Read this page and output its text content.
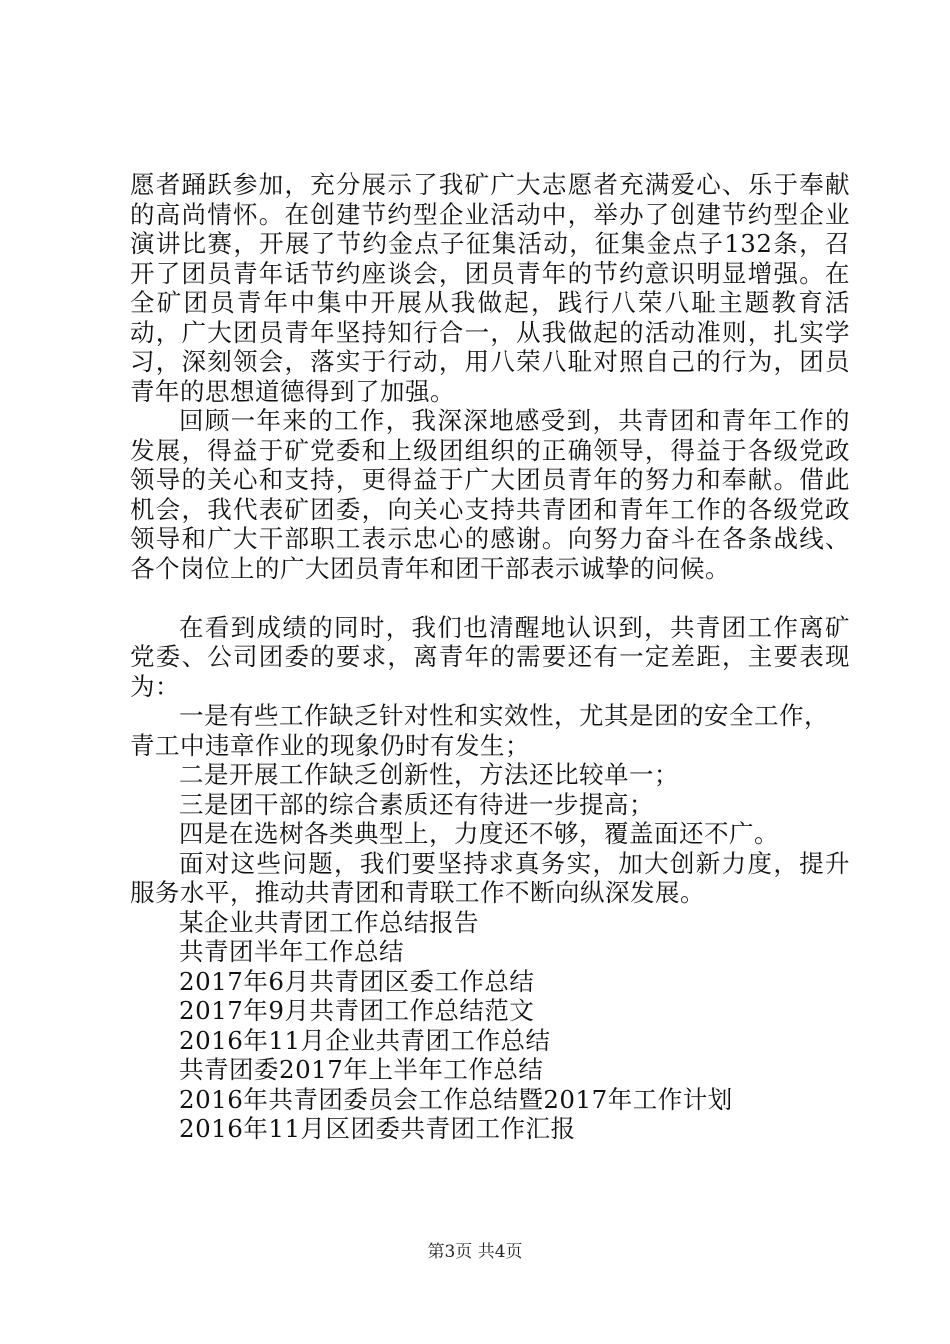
愿者踊跃参加，充分展示了我矿广大志愿者充满爱心、乐于奉献的高尚情怀。在创建节约型企业活动中，举办了创建节约型企业演讲比赛，开展了节约金点子征集活动，征集金点子132条，召开了团员青年话节约座谈会，团员青年的节约意识明显增强。在全矿团员青年中集中开展从我做起，践行八荣八耻主题教育活动，广大团员青年坚持知行合一，从我做起的活动准则，扎实学习，深刻领会，落实于行动，用八荣八耻对照自己的行为，团员青年的思想道德得到了加强。

回顾一年来的工作，我深深地感受到，共青团和青年工作的发展，得益于矿党委和上级团组织的正确领导，得益于各级党政领导的关心和支持，更得益于广大团员青年的努力和奉献。借此机会，我代表矿团委，向关心支持共青团和青年工作的各级党政领导和广大干部职工表示忠心的感谢。向努力奋斗在各条战线、各个岗位上的广大团员青年和团干部表示诚挚的问候。

在看到成绩的同时，我们也清醒地认识到，共青团工作离矿党委、公司团委的要求，离青年的需要还有一定差距，主要表现为：

一是有些工作缺乏针对性和实效性，尤其是团的安全工作，青工中违章作业的现象仍时有发生；

二是开展工作缺乏创新性，方法还比较单一；

三是团干部的综合素质还有待进一步提高；

四是在选树各类典型上，力度还不够，覆盖面还不广。

面对这些问题，我们要坚持求真务实，加大创新力度，提升服务水平，推动共青团和青联工作不断向纵深发展。

某企业共青团工作总结报告

共青团半年工作总结

2017年6月共青团区委工作总结

2017年9月共青团工作总结范文

2016年11月企业共青团工作总结

共青团委2017年上半年工作总结

2016年共青团委员会工作总结暨2017年工作计划

2016年11月区团委共青团工作汇报

第3页 共4页
